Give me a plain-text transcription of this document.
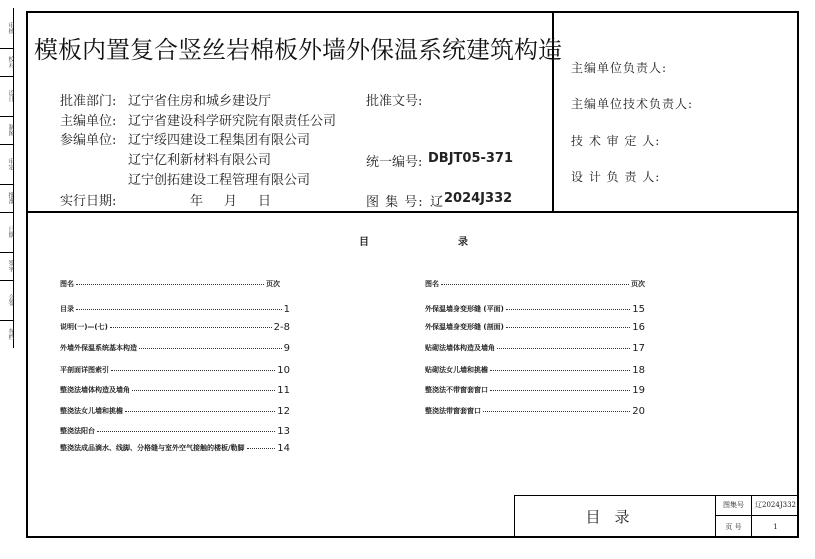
审核
校对
设计
制图
审定
批准
日期
签字
会签
存档
模板内置复合竖丝岩棉板外墙外保温系统建筑构造
批准部门: 辽宁省住房和城乡建设厅	批准文号:
主编单位: 辽宁省建设科学研究院有限责任公司
参编单位: 辽宁绥四建设工程集团有限公司
辽宁亿利新材料有限公司
辽宁创拓建设工程管理有限公司
统一编号: DBJT05-371
实行日期:	年 月 日	图 集 号: 辽 2024J332
主编单位负责人:
主编单位技术负责人:
技 术 审 定 人:
设 计 负 责 人:
目	录
图名	页次
目录	1
说明(一)—(七)	2-8
外墙外保温系统基本构造	9
平剖面详图索引	10
整浇法墙体构造及墙角	11
整浇法女儿墙和挑檐	12
整浇法阳台	13
整浇法成品滴水、线脚、分格缝与室外空气接触的楼板/勒脚	14
图名	页次
外保温墙身变形缝 (平面)	15
外保温墙身变形缝 (剖面)	16
贴砌法墙体构造及墙角	17
贴砌法女儿墙和挑檐	18
整浇法不带窗套窗口	19
整浇法带窗套窗口	20
目录
图集号	辽2024J332
页 号	1
